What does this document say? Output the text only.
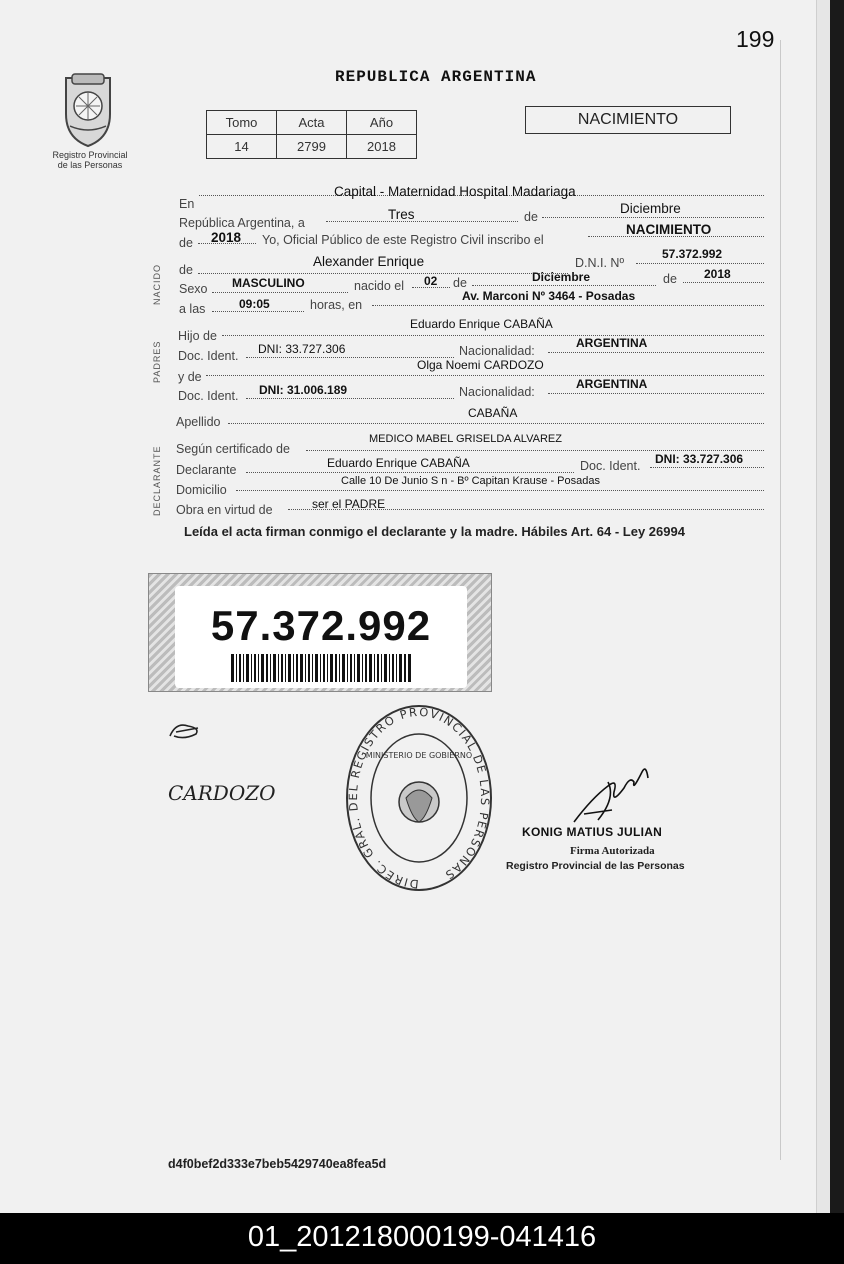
199
Registro Provincial
de las Personas
REPUBLICA ARGENTINA
Tomo	Acta	Año
14	2799	2018
NACIMIENTO
NACIDO
PADRES
DECLARANTE
En
Capital - Maternidad Hospital Madariaga
República Argentina, a
Tres	de
Diciembre
de 2018 Yo, Oficial Público de este Registro Civil inscribo el
NACIMIENTO
de
Alexander Enrique	D.N.I. Nº
57.372.992
Sexo MASCULINO	nacido el 02 de	Diciembre	de 2018
a las	09:05	horas, en
Av. Marconi Nº 3464 - Posadas
Hijo de
Eduardo Enrique CABAÑA
Doc. Ident. DNI: 33.727.306	Nacionalidad:
ARGENTINA
y de
Olga Noemi CARDOZO
Doc. Ident. DNI: 31.006.189	Nacionalidad:
ARGENTINA
Apellido
CABAÑA
Según certificado de
MEDICO MABEL GRISELDA ALVAREZ
Declarante	Eduardo Enrique CABAÑA	Doc. Ident. DNI: 33.727.306
Domicilio
Calle 10 De Junio S n - Bº Capitan Krause - Posadas
Obra en virtud de	ser el PADRE
Leída el acta firman conmigo el declarante y la madre. Hábiles Art. 64 - Ley 26994
57.372.992
CARDOZO
DIREC. GRAL. DEL REGISTRO PROVINCIAL DE LAS PERSONAS
MINISTERIO DE GOBIERNO
KONIG MATIUS JULIAN
Firma Autorizada
Registro Provincial de las Personas
d4f0bef2d333e7beb5429740ea8fea5d
01_201218000199-041416
